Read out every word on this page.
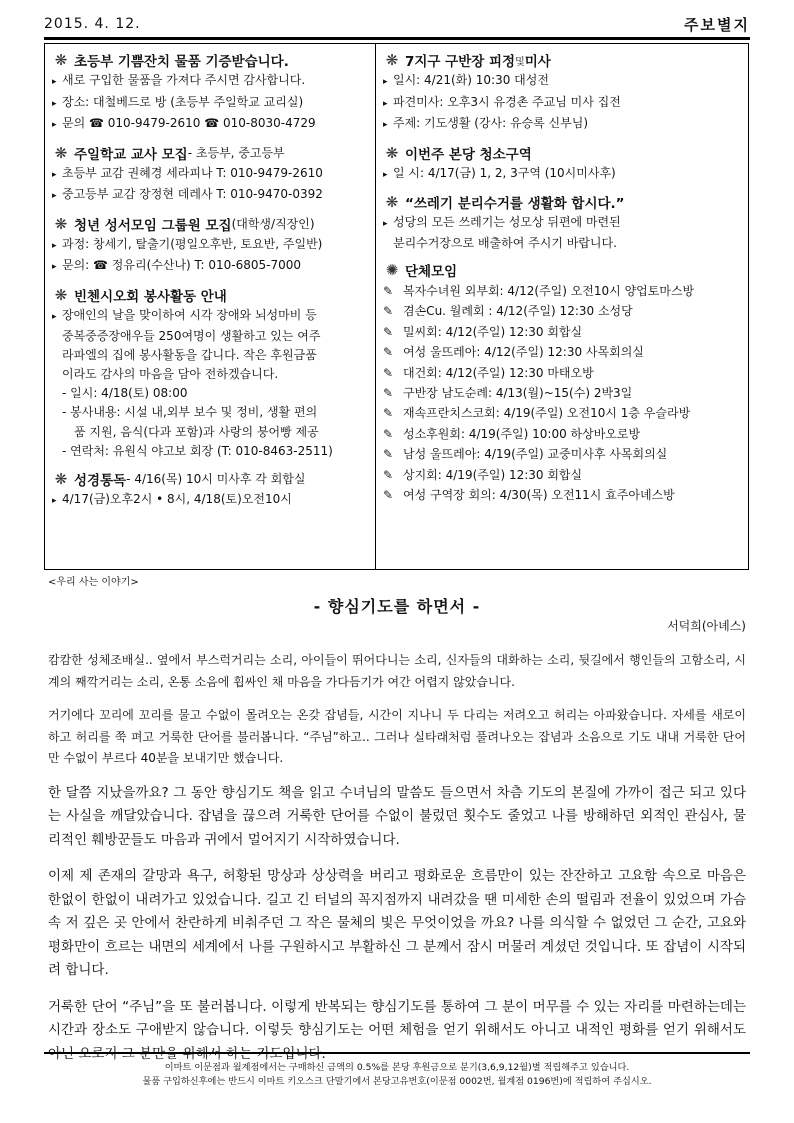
2015. 4. 12.	주보별지
❋ 초등부 기쁨잔치 물품 기증받습니다.
▸ 새로 구입한 물품을 가져다 주시면 감사합니다.
▸ 장소: 대철베드로 방 (초등부 주일학교 교리실)
▸ 문의 ☎ 010-9479-2610 ☎ 010-8030-4729
❋ 주일학교 교사 모집 - 초등부, 중고등부
▸ 초등부 교감 권혜경 세라피나 T: 010-9479-2610
▸ 중고등부 교감 장정현 데레사 T: 010-9470-0392
❋ 청년 성서모임 그룹원 모집 (대학생/직장인)
▸ 과정: 창세기, 탈출기(평일오후반, 토요반, 주일반)
▸ 문의: ☎ 정유리(수산나) T: 010-6805-7000
❋ 빈첸시오회 봉사활동 안내
▸ 장애인의 날을 맞이하여 시각 장애와 뇌성마비 등
중복중증장애우들 250여명이 생활하고 있는 여주
라파엘의 집에 봉사활동을 갑니다. 작은 후원금품
이라도 감사의 마음을 담아 전하겠습니다.
- 일시: 4/18(토) 08:00
- 봉사내용: 시설 내,외부 보수 및 정비, 생활 편의
품 지원, 음식(다과 포함)과 사랑의 붕어빵 제공
- 연락처: 유원식 야고보 회장 (T: 010-8463-2511)
❋ 성경통독 - 4/16(목) 10시 미사후 각 회합실
▸ 4/17(금)오후2시 • 8시, 4/18(토)오전10시
❋ 7지구 구반장 피정 및 미사
▸ 일시: 4/21(화) 10:30 대성전
▸ 파견미사: 오후3시 유경촌 주교님 미사 집전
▸ 주제: 기도생활 (강사: 유승록 신부님)
❋ 이번주 본당 청소구역
▸ 일 시: 4/17(금) 1, 2, 3구역 (10시미사후)
❋ “쓰레기 분리수거를 생활화 합시다.”
▸ 성당의 모든 쓰레기는 성모상 뒤편에 마련된
분리수거장으로 배출하여 주시기 바랍니다.
✺ 단체모임
✎ 복자수녀원 외부회: 4/12(주일) 오전10시 양업토마스방
✎ 겸손Cu. 월례회 : 4/12(주일) 12:30 소성당
✎ 밀씨회: 4/12(주일) 12:30 회합실
✎ 여성 울뜨레아: 4/12(주일) 12:30 사목회의실
✎ 대건회: 4/12(주일) 12:30 마태오방
✎ 구반장 남도순례: 4/13(월)~15(수) 2박3일
✎ 재속프란치스코회: 4/19(주일) 오전10시 1층 우슬라방
✎ 성소후원회: 4/19(주일) 10:00 하상바오로방
✎ 남성 울뜨레아: 4/19(주일) 교중미사후 사목회의실
✎ 상지회: 4/19(주일) 12:30 회합실
✎ 여성 구역장 회의: 4/30(목) 오전11시 효주아녜스방
<우리 사는 이야기>
- 향심기도를 하면서 -
서덕희(아녜스)

캄캄한 성체조배실.. 옆에서 부스럭거리는 소리, 아이들이 뛰어다니는 소리, 신자들의 대화하는 소리, 뒷길에서 행인들의 고함소리, 시계의 째깍거리는 소리, 온통 소음에 휩싸인 채 마음을 가다듬기가 여간 어렵지 않았습니다.

거기에다 꼬리에 꼬리를 물고 수없이 몰려오는 온갖 잡념들, 시간이 지나니 두 다리는 저려오고 허리는 아파왔습니다. 자세를 새로이 하고 허리를 쭉 펴고 거룩한 단어를 불러봅니다. “주님”하고.. 그러나 실타래처럼 풀려나오는 잡념과 소음으로 기도 내내 거룩한 단어만 수없이 부르다 40분을 보내기만 했습니다.

한 달쯤 지났을까요? 그 동안 향심기도 책을 읽고 수녀님의 말씀도 들으면서 차츰 기도의 본질에 가까이 접근 되고 있다는 사실을 깨달았습니다. 잡념을 끊으려 거룩한 단어를 수없이 불렀던 횟수도 줄었고 나를 방해하던 외적인 관심사, 물리적인 훼방꾼들도 마음과 귀에서 멀어지기 시작하였습니다.

이제 제 존재의 갈망과 욕구, 허황된 망상과 상상력을 버리고 평화로운 흐름만이 있는 잔잔하고 고요함 속으로 마음은 한없이 한없이 내려가고 있었습니다. 길고 긴 터널의 꼭지점까지 내려갔을 땐 미세한 손의 떨림과 전율이 있었으며 가슴 속 저 깊은 곳 안에서 찬란하게 비춰주던 그 작은 물체의 빛은 무엇이었을 까요? 나를 의식할 수 없었던 그 순간, 고요와 평화만이 흐르는 내면의 세계에서 나를 구원하시고 부활하신 그 분께서 잠시 머물러 계셨던 것입니다. 또 잡념이 시작되려 합니다.

거룩한 단어 “주님”을 또 불러봅니다. 이렇게 반복되는 향심기도를 통하여 그 분이 머무를 수 있는 자리를 마련하는데는 시간과 장소도 구애받지 않습니다. 이렇듯 향심기도는 어떤 체험을 얻기 위해서도 아니고 내적인 평화를 얻기 위해서도 아닌 오로지 그 분만을 위해서 하는 기도입니다.

이마트 이문점과 월계점에서는 구매하신 금액의 0.5%를 본당 후원금으로 분기(3,6,9,12월)별 적립해주고 있습니다.
물품 구입하신후에는 반드시 이마트 키오스크 단말기에서 본당고유번호(이문점 0002번, 월계점 0196번)에 적립하여 주십시오.
